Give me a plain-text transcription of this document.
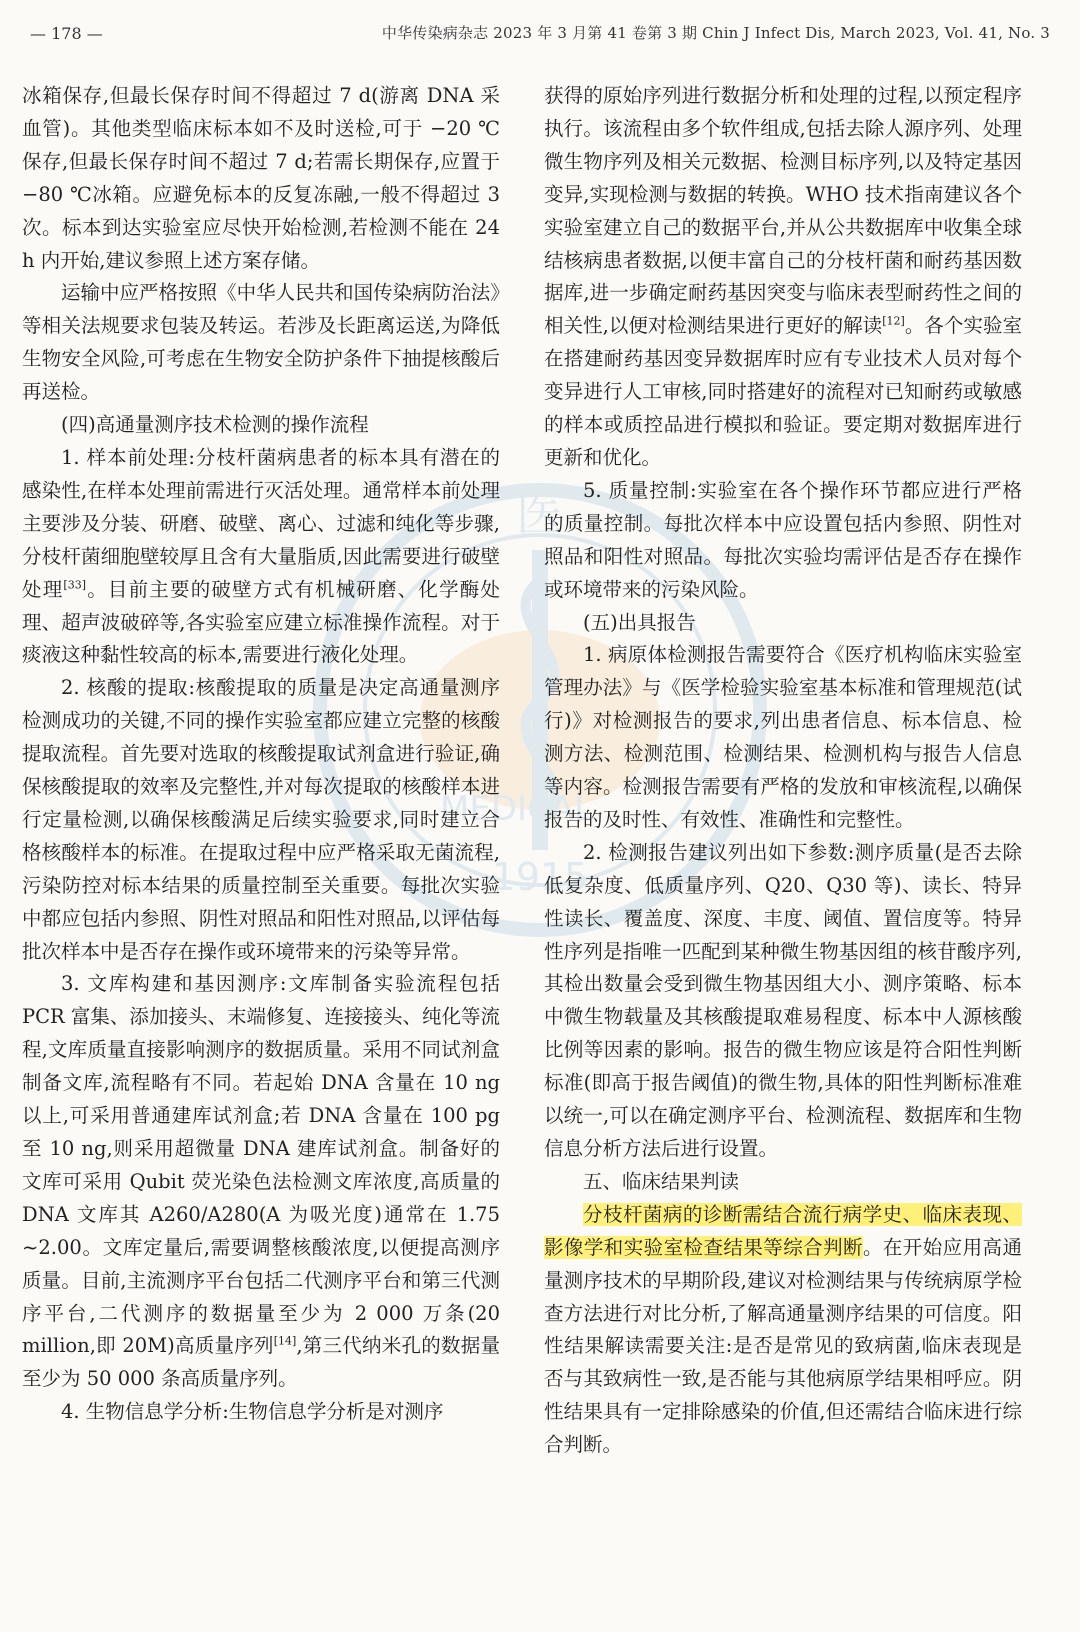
医
1915
MEDICAL
— 178 —	中华传染病杂志 2023 年 3 月第 41 卷第 3 期 Chin J Infect Dis, March 2023, Vol. 41, No. 3

冰箱保存,但最长保存时间不得超过 7 d(游离 DNA 采血管)。其他类型临床标本如不及时送检,可于 −20 ℃保存,但最长保存时间不超过 7 d;若需长期保存,应置于 −80 ℃冰箱。应避免标本的反复冻融,一般不得超过 3 次。标本到达实验室应尽快开始检测,若检测不能在 24 h 内开始,建议参照上述方案存储。

运输中应严格按照《中华人民共和国传染病防治法》等相关法规要求包装及转运。若涉及长距离运送,为降低生物安全风险,可考虑在生物安全防护条件下抽提核酸后再送检。

(四)高通量测序技术检测的操作流程

1. 样本前处理:分枝杆菌病患者的标本具有潜在的感染性,在样本处理前需进行灭活处理。通常样本前处理主要涉及分装、研磨、破壁、离心、过滤和纯化等步骤,分枝杆菌细胞壁较厚且含有大量脂质,因此需要进行破壁处理[33]。目前主要的破壁方式有机械研磨、化学酶处理、超声波破碎等,各实验室应建立标准操作流程。对于痰液这种黏性较高的标本,需要进行液化处理。

2. 核酸的提取:核酸提取的质量是决定高通量测序检测成功的关键,不同的操作实验室都应建立完整的核酸提取流程。首先要对选取的核酸提取试剂盒进行验证,确保核酸提取的效率及完整性,并对每次提取的核酸样本进行定量检测,以确保核酸满足后续实验要求,同时建立合格核酸样本的标准。在提取过程中应严格采取无菌流程,污染防控对标本结果的质量控制至关重要。每批次实验中都应包括内参照、阴性对照品和阳性对照品,以评估每批次样本中是否存在操作或环境带来的污染等异常。

3. 文库构建和基因测序:文库制备实验流程包括 PCR 富集、添加接头、末端修复、连接接头、纯化等流程,文库质量直接影响测序的数据质量。采用不同试剂盒制备文库,流程略有不同。若起始 DNA 含量在 10 ng 以上,可采用普通建库试剂盒;若 DNA 含量在 100 pg 至 10 ng,则采用超微量 DNA 建库试剂盒。制备好的文库可采用 Qubit 荧光染色法检测文库浓度,高质量的 DNA 文库其 A260/A280(A 为吸光度)通常在 1.75 ~2.00。文库定量后,需要调整核酸浓度,以便提高测序质量。目前,主流测序平台包括二代测序平台和第三代测序平台,二代测序的数据量至少为 2 000 万条(20 million,即 20M)高质量序列[14],第三代纳米孔的数据量至少为 50 000 条高质量序列。

4. 生物信息学分析:生物信息学分析是对测序

获得的原始序列进行数据分析和处理的过程,以预定程序执行。该流程由多个软件组成,包括去除人源序列、处理微生物序列及相关元数据、检测目标序列,以及特定基因变异,实现检测与数据的转换。WHO 技术指南建议各个实验室建立自己的数据平台,并从公共数据库中收集全球结核病患者数据,以便丰富自己的分枝杆菌和耐药基因数据库,进一步确定耐药基因突变与临床表型耐药性之间的相关性,以便对检测结果进行更好的解读[12]。各个实验室在搭建耐药基因变异数据库时应有专业技术人员对每个变异进行人工审核,同时搭建好的流程对已知耐药或敏感的样本或质控品进行模拟和验证。要定期对数据库进行更新和优化。

5. 质量控制:实验室在各个操作环节都应进行严格的质量控制。每批次样本中应设置包括内参照、阴性对照品和阳性对照品。每批次实验均需评估是否存在操作或环境带来的污染风险。

(五)出具报告

1. 病原体检测报告需要符合《医疗机构临床实验室管理办法》与《医学检验实验室基本标准和管理规范(试行)》对检测报告的要求,列出患者信息、标本信息、检测方法、检测范围、检测结果、检测机构与报告人信息等内容。检测报告需要有严格的发放和审核流程,以确保报告的及时性、有效性、准确性和完整性。

2. 检测报告建议列出如下参数:测序质量(是否去除低复杂度、低质量序列、Q20、Q30 等)、读长、特异性读长、覆盖度、深度、丰度、阈值、置信度等。特异性序列是指唯一匹配到某种微生物基因组的核苷酸序列,其检出数量会受到微生物基因组大小、测序策略、标本中微生物载量及其核酸提取难易程度、标本中人源核酸比例等因素的影响。报告的微生物应该是符合阳性判断标准(即高于报告阈值)的微生物,具体的阳性判断标准难以统一,可以在确定测序平台、检测流程、数据库和生物信息分析方法后进行设置。

五、临床结果判读

分枝杆菌病的诊断需结合流行病学史、临床表现、影像学和实验室检查结果等综合判断。在开始应用高通量测序技术的早期阶段,建议对检测结果与传统病原学检查方法进行对比分析,了解高通量测序结果的可信度。阳性结果解读需要关注:是否是常见的致病菌,临床表现是否与其致病性一致,是否能与其他病原学结果相呼应。阴性结果具有一定排除感染的价值,但还需结合临床进行综合判断。
